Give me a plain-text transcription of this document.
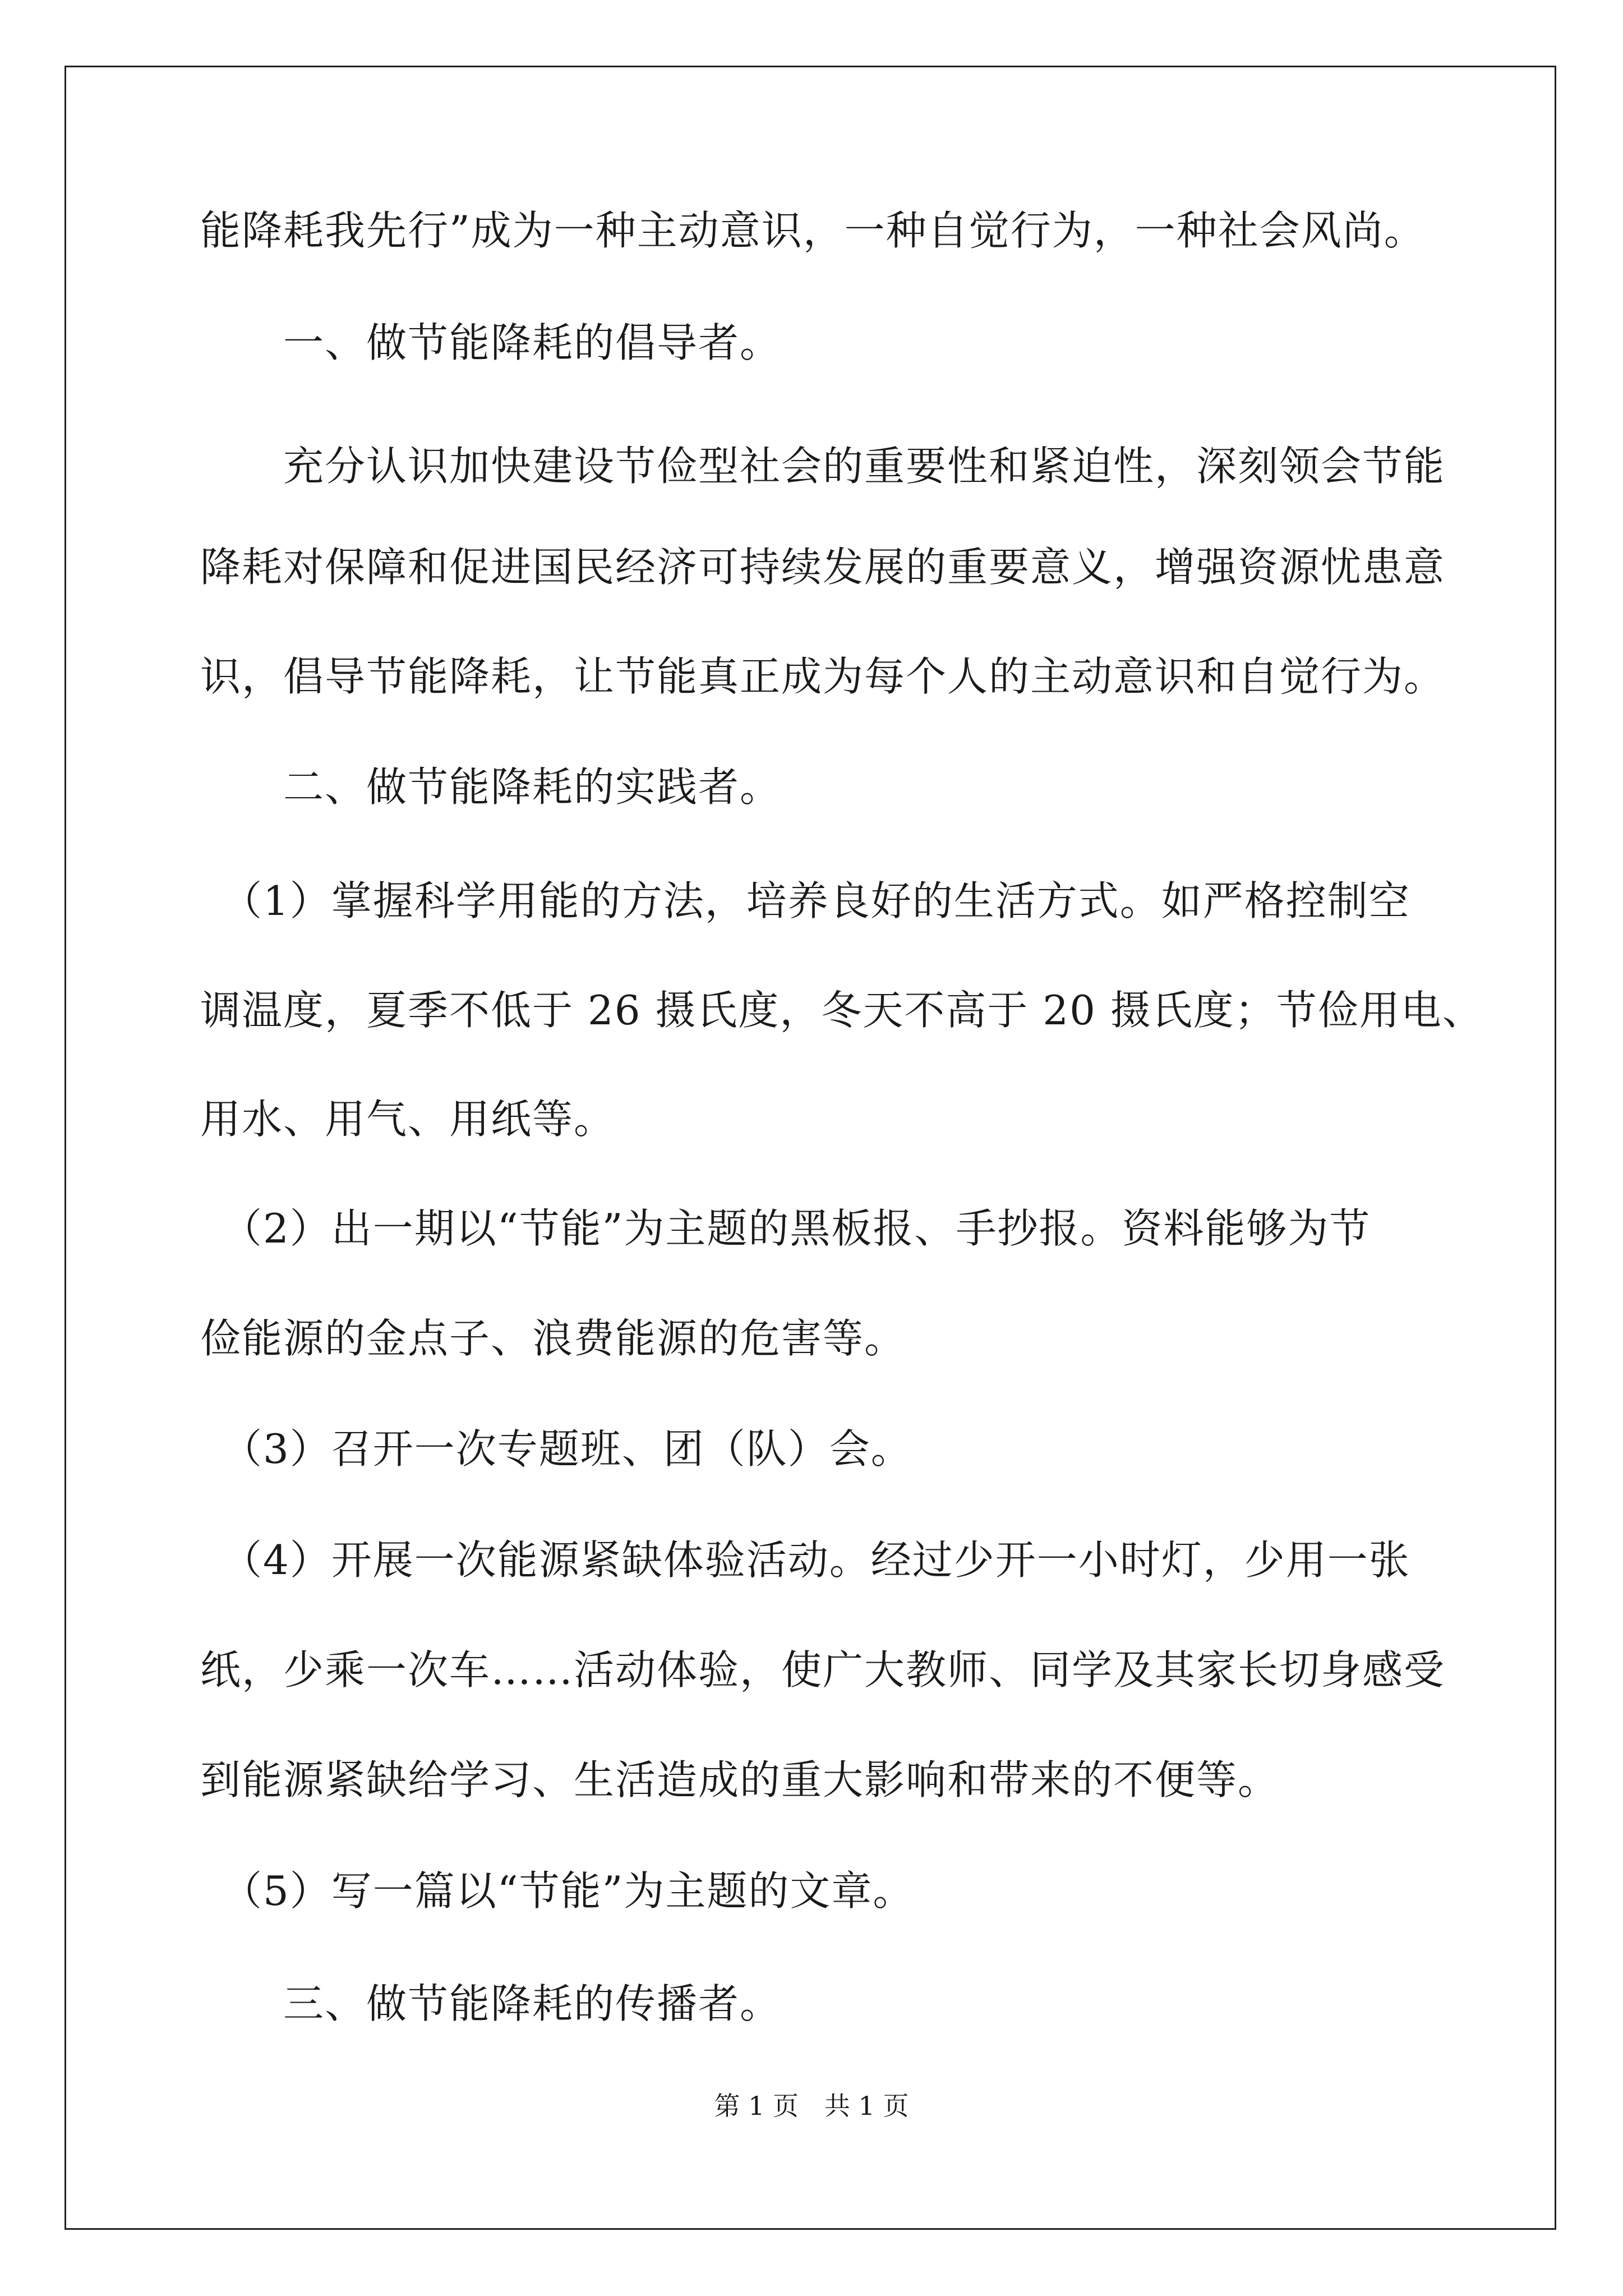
能降耗我先行”成为一种主动意识，一种自觉行为，一种社会风尚。
　　一、做节能降耗的倡导者。
　　充分认识加快建设节俭型社会的重要性和紧迫性，深刻领会节能
降耗对保障和促进国民经济可持续发展的重要意义，增强资源忧患意
识，倡导节能降耗，让节能真正成为每个人的主动意识和自觉行为。
　　二、做节能降耗的实践者。
　（1）掌握科学用能的方法，培养良好的生活方式。如严格控制空
调温度，夏季不低于 26 摄氏度，冬天不高于 20 摄氏度；节俭用电、
用水、用气、用纸等。
　（2）出一期以“节能”为主题的黑板报、手抄报。资料能够为节
俭能源的金点子、浪费能源的危害等。
　（3）召开一次专题班、团（队）会。
　（4）开展一次能源紧缺体验活动。经过少开一小时灯，少用一张
纸，少乘一次车……活动体验，使广大教师、同学及其家长切身感受
到能源紧缺给学习、生活造成的重大影响和带来的不便等。
　（5）写一篇以“节能”为主题的文章。
　　三、做节能降耗的传播者。
第 1 页　共 1 页
